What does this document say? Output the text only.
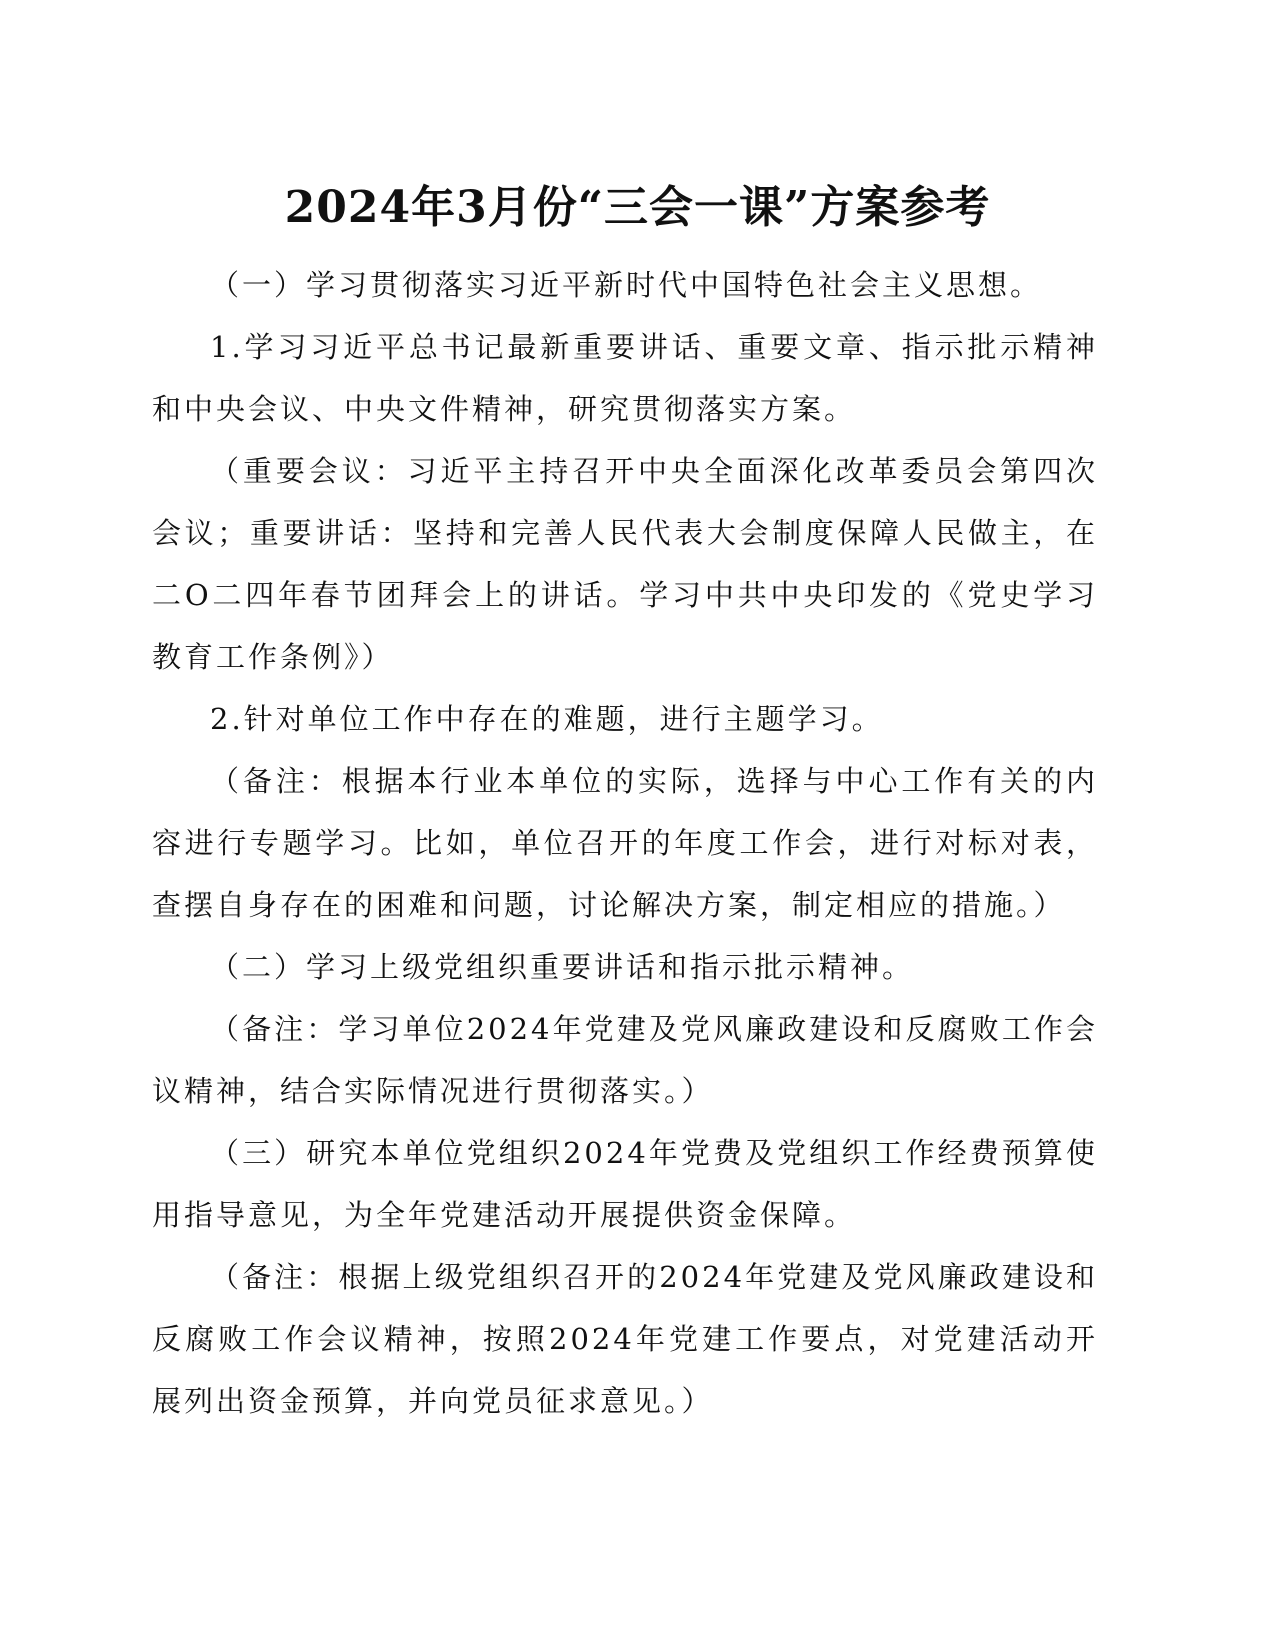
2024年3月份“三会一课”方案参考

（一）学习贯彻落实习近平新时代中国特色社会主义思想。

1.学习习近平总书记最新重要讲话、重要文章、指示批示精神和中央会议、中央文件精神，研究贯彻落实方案。

（重要会议：习近平主持召开中央全面深化改革委员会第四次会议；重要讲话：坚持和完善人民代表大会制度保障人民做主，在二O二四年春节团拜会上的讲话。学习中共中央印发的《党史学习教育工作条例》）

2.针对单位工作中存在的难题，进行主题学习。

（备注：根据本行业本单位的实际，选择与中心工作有关的内容进行专题学习。比如，单位召开的年度工作会，进行对标对表，查摆自身存在的困难和问题，讨论解决方案，制定相应的措施。）

（二）学习上级党组织重要讲话和指示批示精神。

（备注：学习单位2024年党建及党风廉政建设和反腐败工作会议精神，结合实际情况进行贯彻落实。）

（三）研究本单位党组织2024年党费及党组织工作经费预算使用指导意见，为全年党建活动开展提供资金保障。

（备注：根据上级党组织召开的2024年党建及党风廉政建设和反腐败工作会议精神，按照2024年党建工作要点，对党建活动开展列出资金预算，并向党员征求意见。）
